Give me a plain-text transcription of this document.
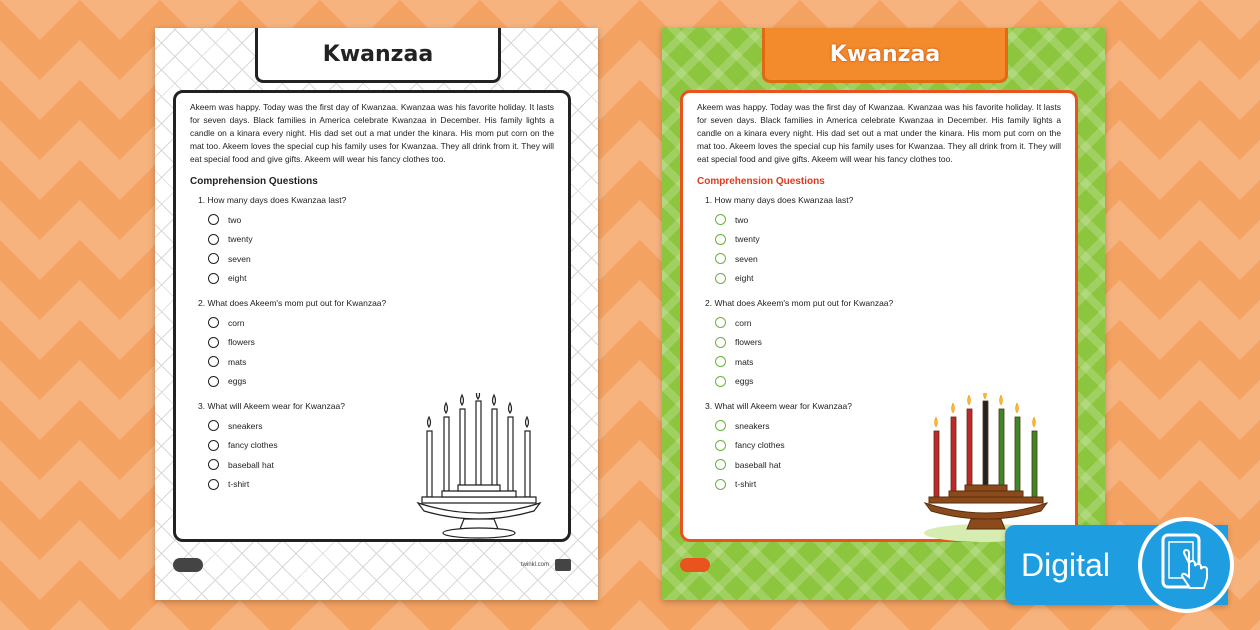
Kwanzaa

Akeem was happy. Today was the first day of Kwanzaa. Kwanzaa was his favorite holiday. It lasts for seven days. Black families in America celebrate Kwanzaa in December. His family lights a candle on a kinara every night. His dad set out a mat under the kinara. His mom put corn on the mat too. Akeem loves the special cup his family uses for Kwanzaa. They all drink from it. They will eat special food and give gifts. Akeem will wear his fancy clothes too.

Comprehension Questions

1. How many days does Kwanzaa last?

two
twenty
seven
eight

2. What does Akeem's mom put out for Kwanzaa?

corn
flowers
mats
eggs

3. What will Akeem wear for Kwanzaa?

sneakers
fancy clothes
baseball hat
t-shirt
twinkl.com
Kwanzaa

Akeem was happy. Today was the first day of Kwanzaa. Kwanzaa was his favorite holiday. It lasts for seven days. Black families in America celebrate Kwanzaa in December. His family lights a candle on a kinara every night. His dad set out a mat under the kinara. His mom put corn on the mat too. Akeem loves the special cup his family uses for Kwanzaa. They all drink from it. They will eat special food and give gifts. Akeem will wear his fancy clothes too.

Comprehension Questions

1. How many days does Kwanzaa last?

two
twenty
seven
eight

2. What does Akeem's mom put out for Kwanzaa?

corn
flowers
mats
eggs

3. What will Akeem wear for Kwanzaa?

sneakers
fancy clothes
baseball hat
t-shirt
Digital
